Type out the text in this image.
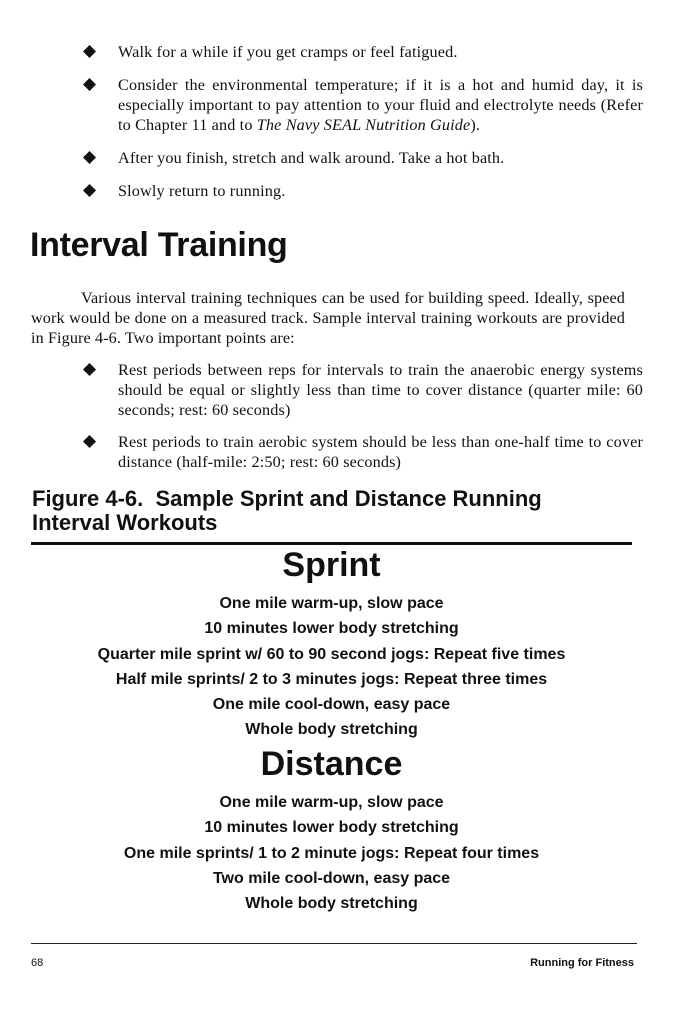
Walk for a while if you get cramps or feel fatigued.
Consider the environmental temperature; if it is a hot and humid day, it is especially important to pay attention to your fluid and electrolyte needs (Refer to Chapter 11 and to The Navy SEAL Nutrition Guide).
After you finish, stretch and walk around. Take a hot bath.
Slowly return to running.
Interval Training

Various interval training techniques can be used for building speed. Ideally, speed work would be done on a measured track. Sample interval training workouts are provided in Figure 4-6. Two important points are:

Rest periods between reps for intervals to train the anaerobic energy systems should be equal or slightly less than time to cover distance (quarter mile: 60 seconds; rest: 60 seconds)
Rest periods to train aerobic system should be less than one-half time to cover distance (half-mile: 2:50; rest: 60 seconds)
Figure 4-6.  Sample Sprint and Distance Running
Interval Workouts
Sprint
One mile warm-up, slow pace
10 minutes lower body stretching
Quarter mile sprint w/ 60 to 90 second jogs: Repeat five times
Half mile sprints/ 2 to 3 minutes jogs: Repeat three times
One mile cool-down, easy pace
Whole body stretching
Distance
One mile warm-up, slow pace
10 minutes lower body stretching
One mile sprints/ 1 to 2 minute jogs: Repeat four times
Two mile cool-down, easy pace
Whole body stretching
68	Running for Fitness
